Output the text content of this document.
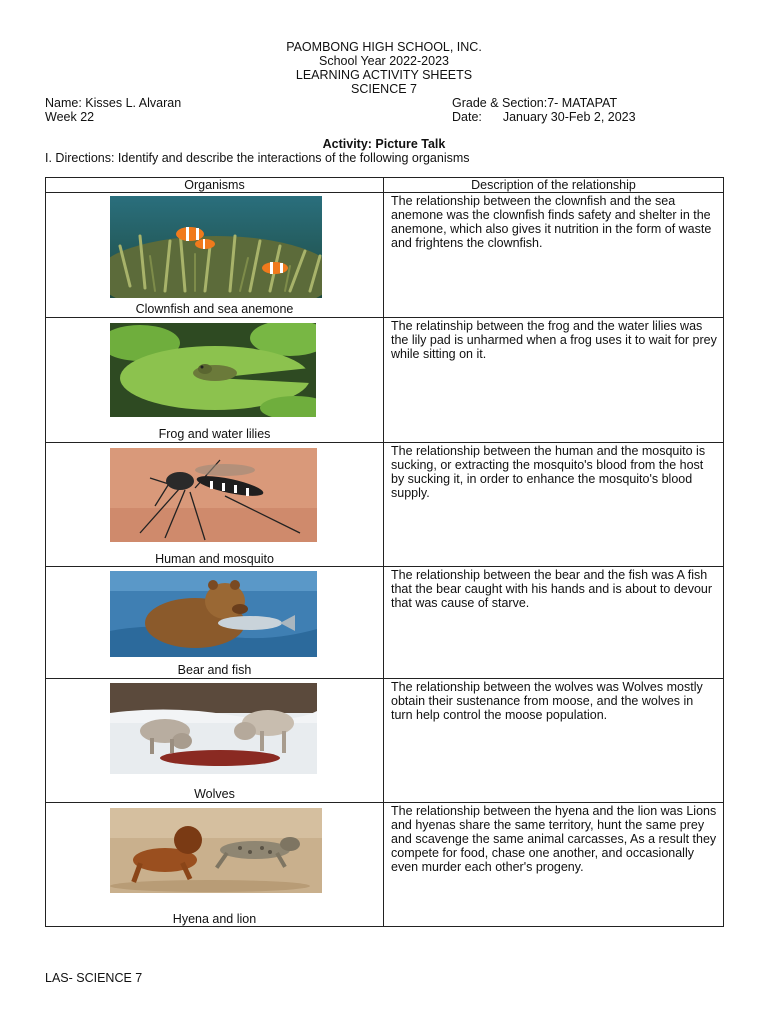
PAOMBONG HIGH SCHOOL, INC.
School Year 2022-2023
LEARNING ACTIVITY SHEETS
SCIENCE 7
Name: Kisses L. Alvaran	Grade & Section:7- MATAPAT
Week 22	Date: January 30-Feb 2, 2023
Activity: Picture Talk
I. Directions: Identify and describe the interactions of the following organisms
Organisms	Description of the relationship

Clownfish and sea anemone	The relationship between the clownfish and the sea anemone was the clownfish finds safety and shelter in the anemone, which also gives it nutrition in the form of waste and frightens the clownfish.

Frog and water lilies	The relatinship between the frog and the water lilies was the lily pad is unharmed when a frog uses it to wait for prey while sitting on it.

Human and mosquito	The relationship between the human and the mosquito is sucking, or extracting the mosquito's blood from the host by sucking it, in order to enhance the mosquito's blood supply.

Bear and fish	The relationship between the bear and the fish was A fish that the bear caught with his hands and is about to devour that was cause of starve.

Wolves	The relationship between the wolves was Wolves mostly obtain their sustenance from moose, and the wolves in turn help control the moose population.

Hyena and lion	The relationship between the hyena and the lion was Lions and hyenas share the same territory, hunt the same prey and scavenge the same animal carcasses, As a result they compete for food, chase one another, and occasionally even murder each other's progeny.
LAS- SCIENCE 7
